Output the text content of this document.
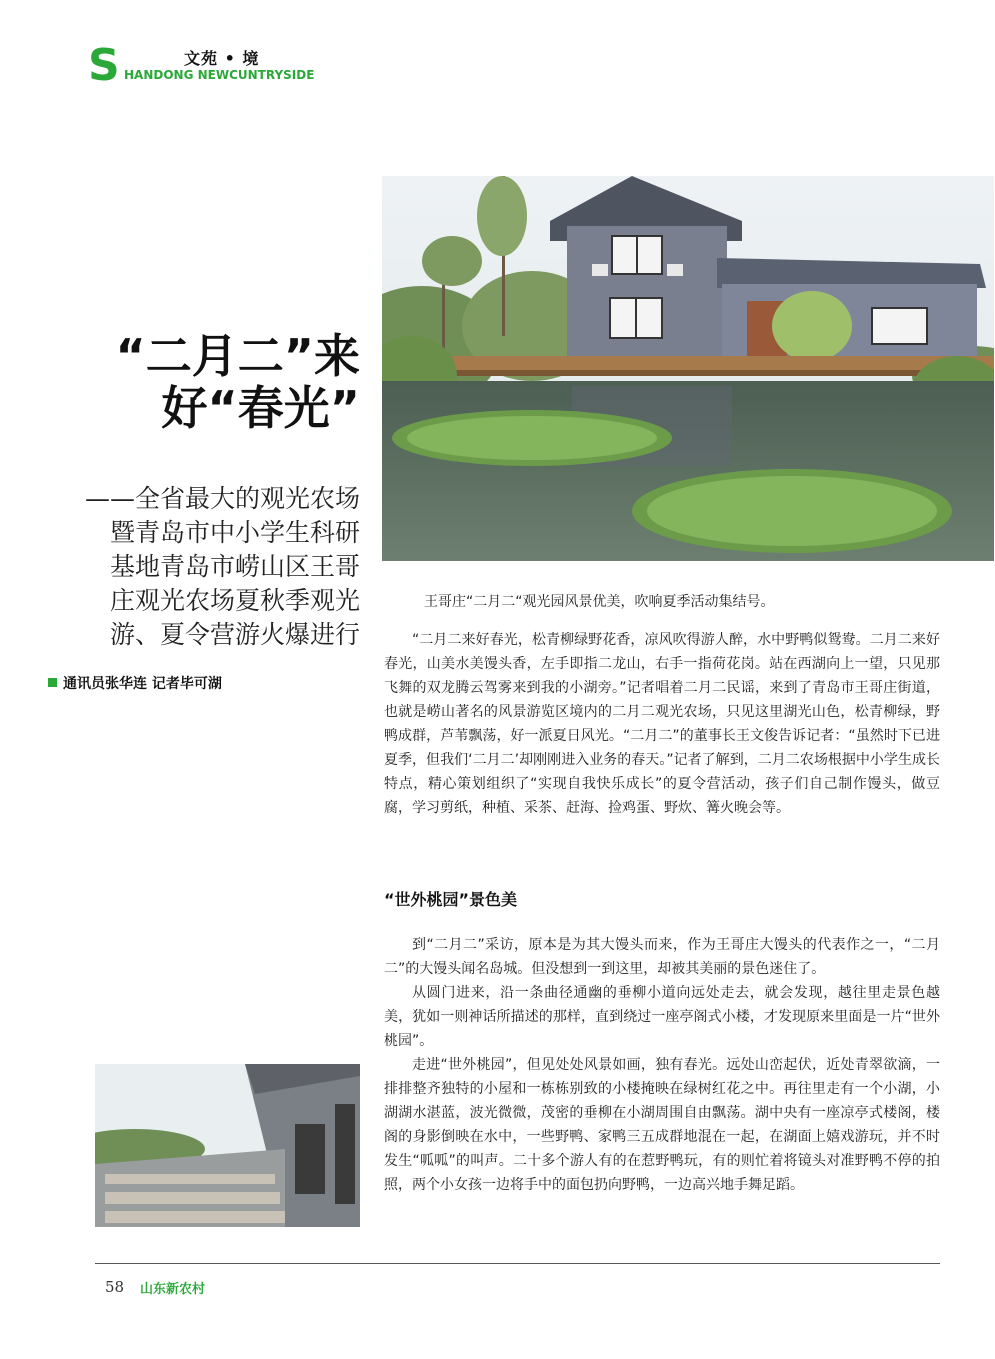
S	文苑 • 境
HANDONG NEWCUNTRYSIDE
“二月二”来
好“春光”
——全省最大的观光农场
暨青岛市中小学生科研
基地青岛市崂山区王哥
庄观光农场夏秋季观光
游、夏令营游火爆进行
通讯员张华连 记者毕可湖
王哥庄“二月二“观光园风景优美，吹响夏季活动集结号。

“二月二来好春光，松青柳绿野花香，凉风吹得游人醉，水中野鸭似鸳鸯。二月二来好春光，山美水美馒头香，左手即指二龙山，右手一指荷花岗。站在西湖向上一望，只见那飞舞的双龙腾云驾雾来到我的小湖旁。”记者唱着二月二民谣，来到了青岛市王哥庄街道，也就是崂山著名的风景游览区境内的二月二观光农场，只见这里湖光山色，松青柳绿，野鸭成群，芦苇飘荡，好一派夏日风光。“二月二”的董事长王文俊告诉记者：“虽然时下已进夏季，但我们‘二月二’却刚刚进入业务的春天。”记者了解到，二月二农场根据中小学生成长特点，精心策划组织了“实现自我快乐成长”的夏令营活动，孩子们自己制作馒头，做豆腐，学习剪纸，种植、采茶、赶海、捡鸡蛋、野炊、篝火晚会等。

“世外桃园”景色美

到“二月二”采访，原本是为其大馒头而来，作为王哥庄大馒头的代表作之一，“二月二”的大馒头闻名岛城。但没想到一到这里，却被其美丽的景色迷住了。

从圆门进来，沿一条曲径通幽的垂柳小道向远处走去，就会发现，越往里走景色越美，犹如一则神话所描述的那样，直到绕过一座亭阁式小楼，才发现原来里面是一片“世外桃园”。

走进“世外桃园”，但见处处风景如画，独有春光。远处山峦起伏，近处青翠欲滴，一排排整齐独特的小屋和一栋栋别致的小楼掩映在绿树红花之中。再往里走有一个小湖，小湖湖水湛蓝，波光微微，茂密的垂柳在小湖周围自由飘荡。湖中央有一座凉亭式楼阁，楼阁的身影倒映在水中，一些野鸭、家鸭三五成群地混在一起，在湖面上嬉戏游玩，并不时发生“呱呱”的叫声。二十多个游人有的在惹野鸭玩，有的则忙着将镜头对准野鸭不停的拍照，两个小女孩一边将手中的面包扔向野鸭，一边高兴地手舞足蹈。

58 山东新农村
